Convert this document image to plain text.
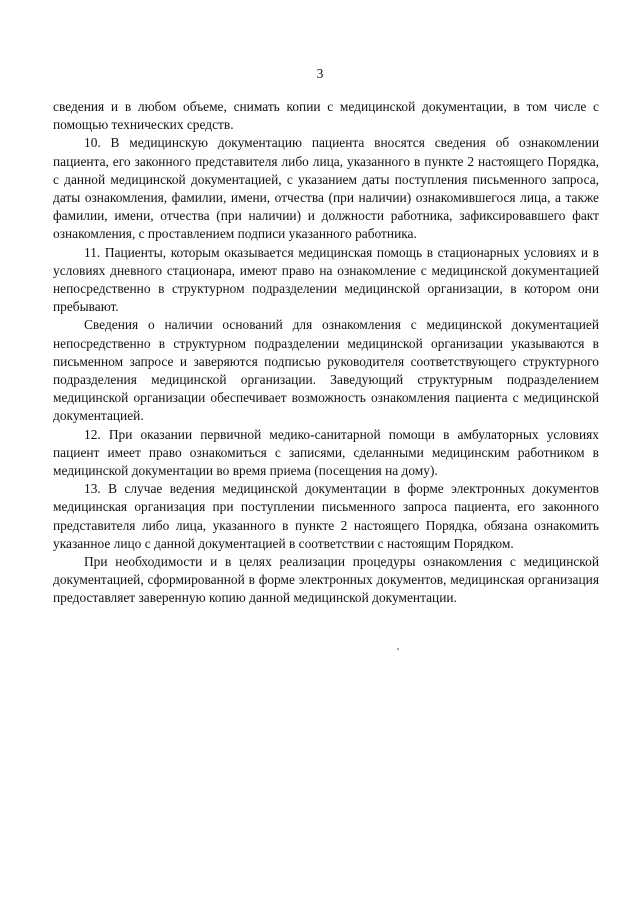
3

сведения и в любом объеме, снимать копии с медицинской документации, в том числе с помощью технических средств.

10. В медицинскую документацию пациента вносятся сведения об ознакомлении пациента, его законного представителя либо лица, указанного в пункте 2 настоящего Порядка, с данной медицинской документацией, с указанием даты поступления письменного запроса, даты ознакомления, фамилии, имени, отчества (при наличии) ознакомившегося лица, а также фамилии, имени, отчества (при наличии) и должности работника, зафиксировавшего факт ознакомления, с проставлением подписи указанного работника.

11. Пациенты, которым оказывается медицинская помощь в стационарных условиях и в условиях дневного стационара, имеют право на ознакомление с медицинской документацией непосредственно в структурном подразделении медицинской организации, в котором они пребывают.

Сведения о наличии оснований для ознакомления с медицинской документацией непосредственно в структурном подразделении медицинской организации указываются в письменном запросе и заверяются подписью руководителя соответствующего структурного подразделения медицинской организации. Заведующий структурным подразделением медицинской организации обеспечивает возможность ознакомления пациента с медицинской документацией.

12. При оказании первичной медико-санитарной помощи в амбулаторных условиях пациент имеет право ознакомиться с записями, сделанными медицинским работником в медицинской документации во время приема (посещения на дому).

13. В случае ведения медицинской документации в форме электронных документов медицинская организация при поступлении письменного запроса пациента, его законного представителя либо лица, указанного в пункте 2 настоящего Порядка, обязана ознакомить указанное лицо с данной документацией в соответствии с настоящим Порядком.

При необходимости и в целях реализации процедуры ознакомления с медицинской документацией, сформированной в форме электронных документов, медицинская организация предоставляет заверенную копию данной медицинской документации.
